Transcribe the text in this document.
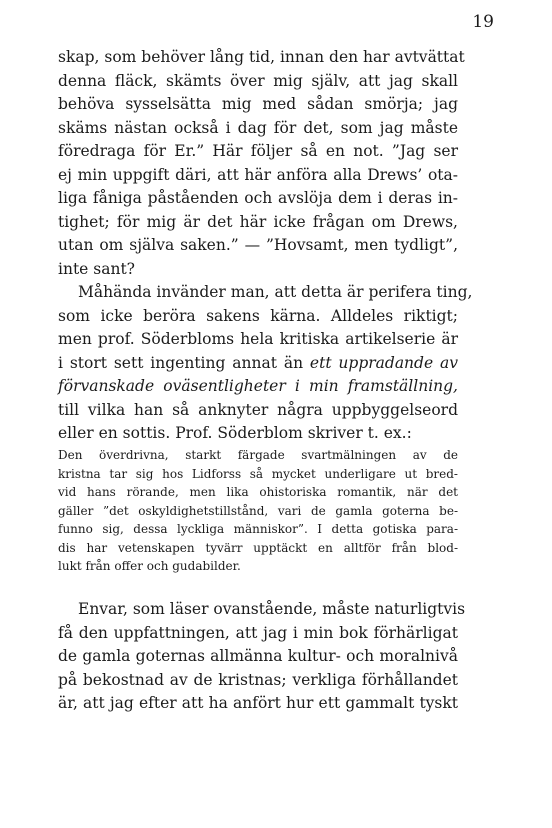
19
skap, som behöver lång tid, innan den har avtvättat
denna fläck, skämts över mig själv, att jag skall
behöva sysselsätta mig med sådan smörja; jag
skäms nästan också i dag för det, som jag måste
föredraga för Er.” Här följer så en not. ”Jag ser
ej min uppgift däri, att här anföra alla Drews’ ota-
liga fåniga påståenden och avslöja dem i deras in-
tighet; för mig är det här icke frågan om Drews,
utan om själva saken.” — ”Hovsamt, men tydligt”,
inte sant?
Måhända invänder man, att detta är perifera ting,
som icke beröra sakens kärna. Alldeles riktigt;
men prof. Söderbloms hela kritiska artikelserie är
i stort sett ingenting annat än ett uppradande av
förvanskade oväsentligheter i min framställning,
till vilka han så anknyter några uppbyggelseord
eller en sottis. Prof. Söderblom skriver t. ex.:
Den överdrivna, starkt färgade svartmälningen av de
kristna tar sig hos Lidforss så mycket underligare ut bred-
vid hans rörande, men lika ohistoriska romantik, när det
gäller ”det oskyldighetstillstånd, vari de gamla goterna be-
funno sig, dessa lyckliga människor”. I detta gotiska para-
dis har vetenskapen tyvärr upptäckt en alltför från blod-
lukt från offer och gudabilder.
Envar, som läser ovanstående, måste naturligtvis
få den uppfattningen, att jag i min bok förhärligat
de gamla goternas allmänna kultur- och moralnivå
på bekostnad av de kristnas; verkliga förhållandet
är, att jag efter att ha anfört hur ett gammalt tyskt
